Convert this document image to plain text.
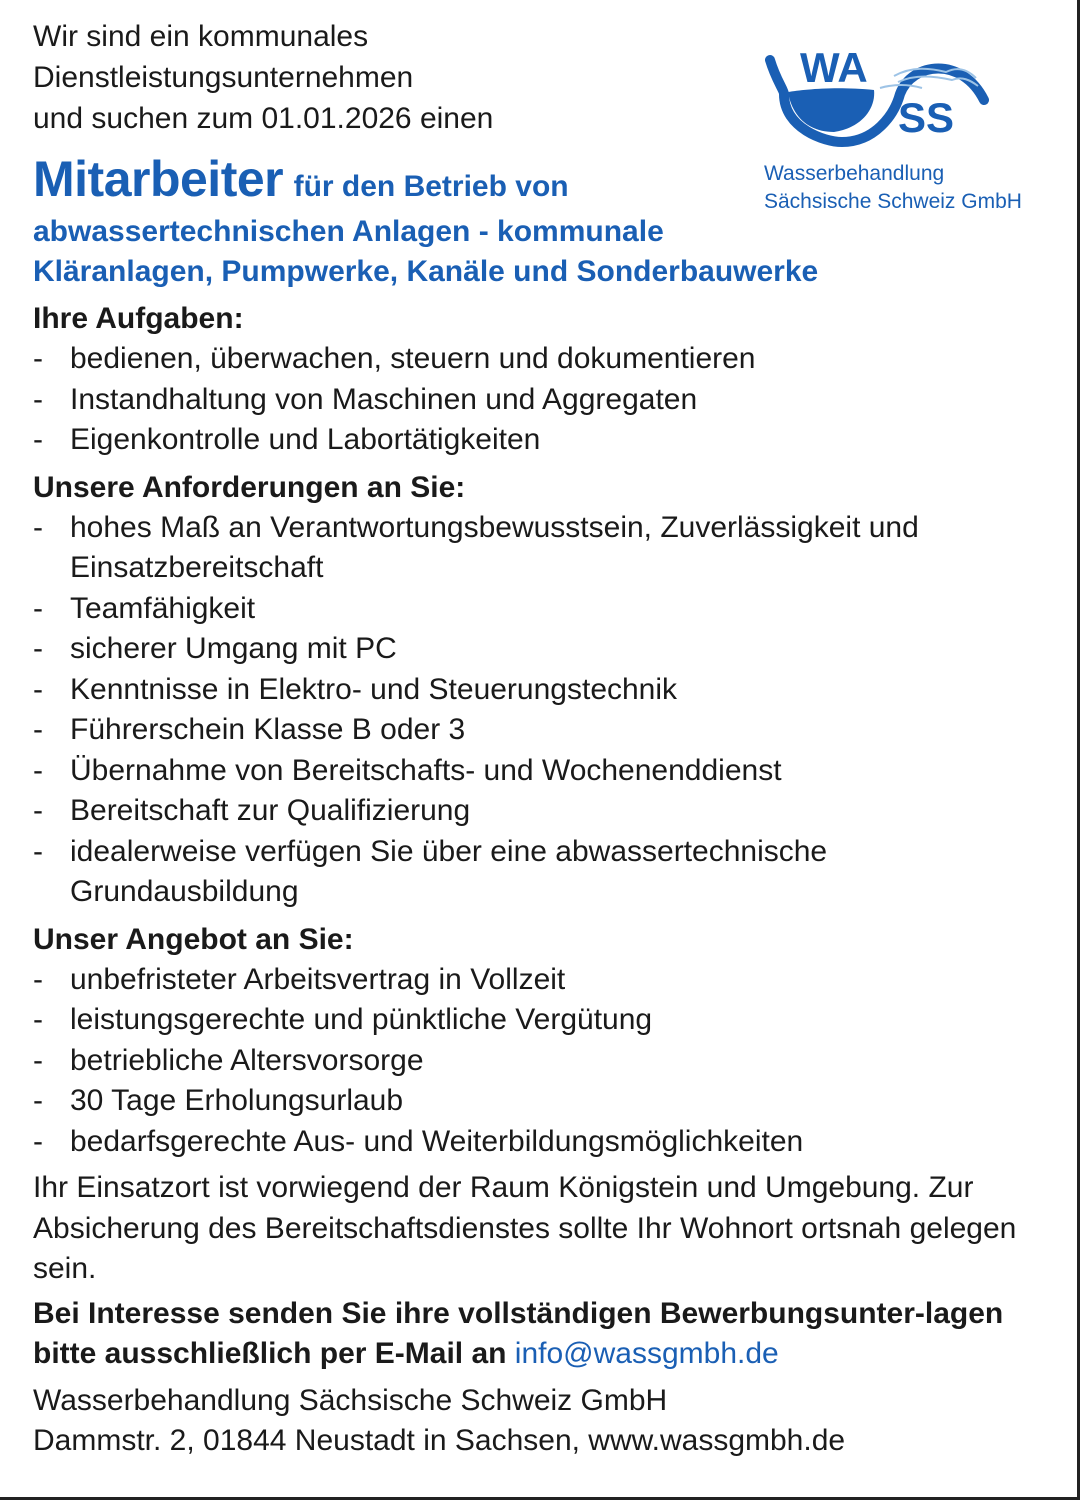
Wir sind ein kommunales
Dienstleistungsunternehmen
und suchen zum 01.01.2026 einen
WA
SS
Wasserbehandlung
Sächsische Schweiz GmbH
Mitarbeiter für den Betrieb von
abwassertechnischen Anlagen - kommunale
Kläranlagen, Pumpwerke, Kanäle und Sonderbauwerke
Ihre Aufgaben:
- bedienen, überwachen, steuern und dokumentieren
- Instandhaltung von Maschinen und Aggregaten
- Eigenkontrolle und Labortätigkeiten
Unsere Anforderungen an Sie:
- hohes Maß an Verantwortungsbewusstsein, Zuverlässigkeit und Einsatzbereitschaft
- Teamfähigkeit
- sicherer Umgang mit PC
- Kenntnisse in Elektro- und Steuerungstechnik
- Führerschein Klasse B oder 3
- Übernahme von Bereitschafts- und Wochenenddienst
- Bereitschaft zur Qualifizierung
- idealerweise verfügen Sie über eine abwassertechnische Grundausbildung
Unser Angebot an Sie:
- unbefristeter Arbeitsvertrag in Vollzeit
- leistungsgerechte und pünktliche Vergütung
- betriebliche Altersvorsorge
- 30 Tage Erholungsurlaub
- bedarfsgerechte Aus- und Weiterbildungsmöglichkeiten
Ihr Einsatzort ist vorwiegend der Raum Königstein und Umgebung. Zur Absicherung des Bereitschaftsdienstes sollte Ihr Wohnort ortsnah gelegen sein.
Bei Interesse senden Sie ihre vollständigen Bewerbungsunter-lagen bitte ausschließlich per E-Mail an info@wassgmbh.de
Wasserbehandlung Sächsische Schweiz GmbH
Dammstr. 2, 01844 Neustadt in Sachsen, www.wassgmbh.de
